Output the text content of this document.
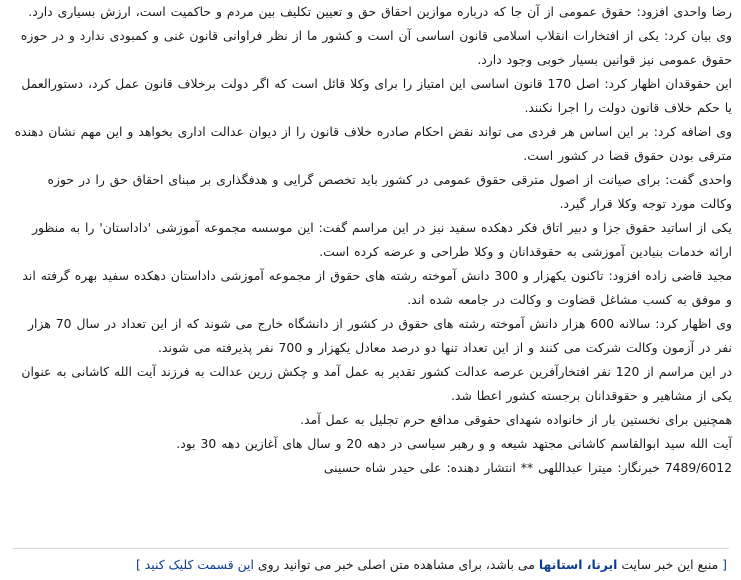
رضا واحدی افزود: حقوق عمومی از آن جا که درباره موازین احقاق حق و تعیین تکلیف بین مردم و حاکمیت است، ارزش بسیاری دارد.

وی بیان کرد: یکی از افتخارات انقلاب اسلامی قانون اساسی آن است و کشور ما از نظر فراوانی قانون غنی و کمبودی ندارد و در حوزه حقوق عمومی نیز قوانین بسیار خوبی وجود دارد.

این حقوقدان اظهار کرد: اصل 170 قانون اساسی این امتیاز را برای وکلا قائل است که اگر دولت برخلاف قانون عمل کرد، دستورالعمل یا حکم خلاف قانون دولت را اجرا نکنند.

وی اضافه کرد: بر این اساس هر فردی می تواند نقض احکام صادره خلاف قانون را از دیوان عدالت اداری بخواهد و این مهم نشان دهنده مترقی بودن حقوق قضا در کشور است.

واحدی گفت: برای صیانت از اصول مترقی حقوق عمومی در کشور باید تخصص گرایی و هدفگذاری بر مبنای احقاق حق را در حوزه وکالت مورد توجه وکلا قرار گیرد.

یکی از اساتید حقوق جزا و دبیر اتاق فکر دهکده سفید نیز در این مراسم گفت: این موسسه مجموعه آموزشی 'داداستان' را به منظور ارائه خدمات بنیادین آموزشی به حقوقدانان و وکلا طراحی و عرضه کرده است.

مجید قاضی زاده افزود: تاکنون یکهزار و 300 دانش آموخته رشته های حقوق از مجموعه آموزشی داداستان دهکده سفید بهره گرفته اند و موفق به کسب مشاغل قضاوت و وکالت در جامعه شده اند.

وی اظهار کرد: سالانه 600 هزار دانش آموخته رشته های حقوق در کشور از دانشگاه خارج می شوند که از این تعداد در سال 70 هزار نفر در آزمون وکالت شرکت می کنند و از این تعداد تنها دو درصد معادل یکهزار و 700 نفر پذیرفته می شوند.

در این مراسم از 120 نفر افتخارآفرین عرصه عدالت کشور تقدیر به عمل آمد و چکش زرین عدالت به فرزند آیت الله کاشانی به عنوان یکی از مشاهیر و حقوقدانان برجسته کشور اعطا شد.

همچنین برای نخستین بار از خانواده شهدای حقوقی مدافع حرم تجلیل به عمل آمد.

آیت الله سید ابوالقاسم کاشانی مجتهد شیعه و و رهبر سیاسی در دهه 20 و سال های آغازین دهه 30 بود.

7489/6012 خبرنگار: میترا عبداللهی ** انتشار دهنده: علی حیدر شاه حسینی

[ منبع این خبر سایت ایرنا، استانها می باشد، برای مشاهده متن اصلی خبر می توانید روی این قسمت کلیک کنید ]
